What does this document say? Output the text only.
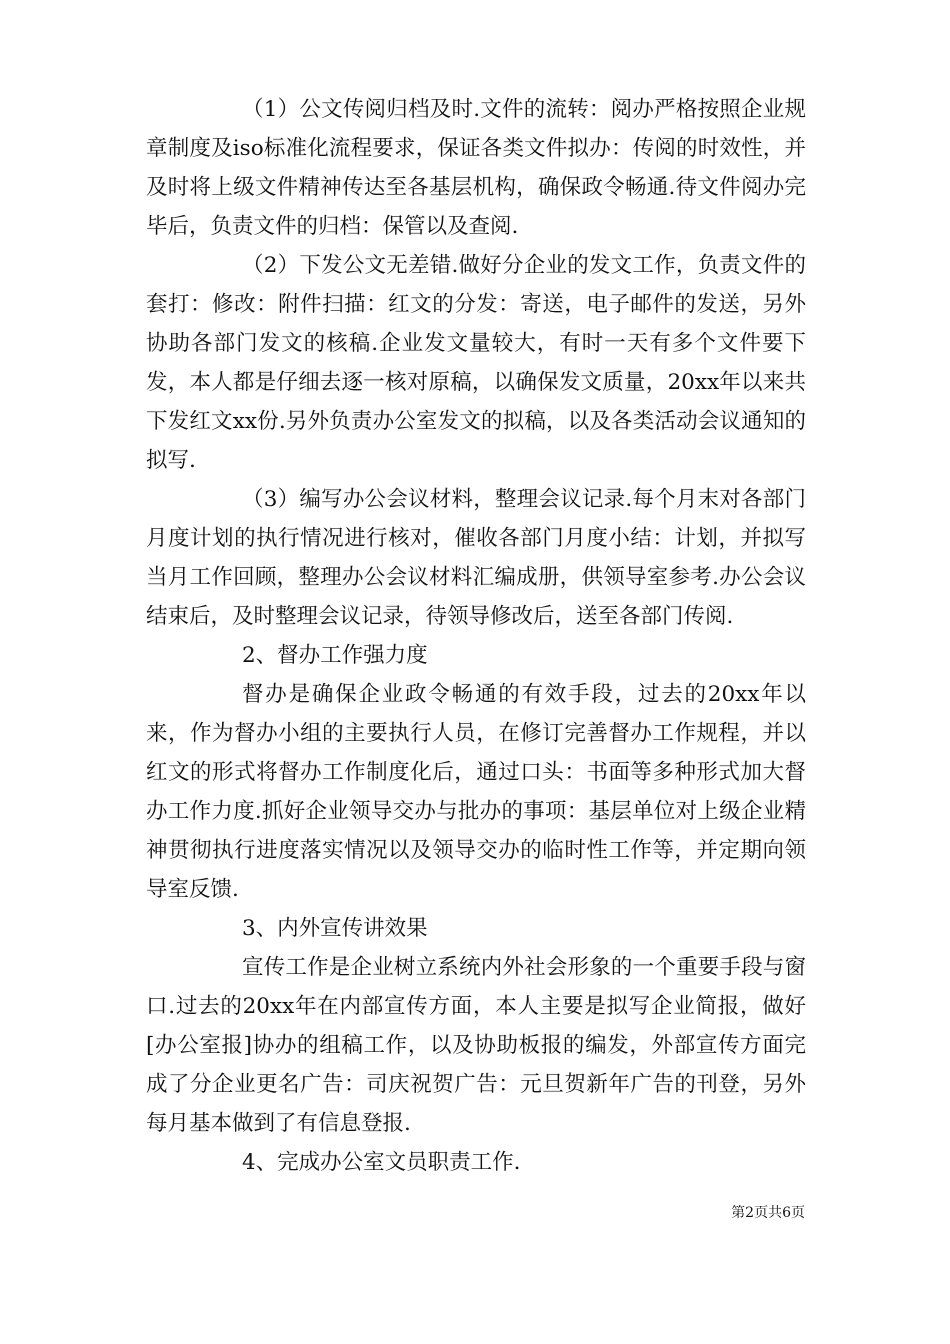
（1）公文传阅归档及时.文件的流转：阅办严格按照企业规章制度及iso标准化流程要求，保证各类文件拟办：传阅的时效性，并及时将上级文件精神传达至各基层机构，确保政令畅通.待文件阅办完毕后，负责文件的归档：保管以及查阅.

（2）下发公文无差错.做好分企业的发文工作，负责文件的套打：修改：附件扫描：红文的分发：寄送，电子邮件的发送，另外协助各部门发文的核稿.企业发文量较大，有时一天有多个文件要下发，本人都是仔细去逐一核对原稿，以确保发文质量，20xx年以来共下发红文xx份.另外负责办公室发文的拟稿，以及各类活动会议通知的拟写.

（3）编写办公会议材料，整理会议记录.每个月末对各部门月度计划的执行情况进行核对，催收各部门月度小结：计划，并拟写当月工作回顾，整理办公会议材料汇编成册，供领导室参考.办公会议结束后，及时整理会议记录，待领导修改后，送至各部门传阅.

2、督办工作强力度

督办是确保企业政令畅通的有效手段，过去的20xx年以来，作为督办小组的主要执行人员，在修订完善督办工作规程，并以红文的形式将督办工作制度化后，通过口头：书面等多种形式加大督办工作力度.抓好企业领导交办与批办的事项：基层单位对上级企业精神贯彻执行进度落实情况以及领导交办的临时性工作等，并定期向领导室反馈.

3、内外宣传讲效果

宣传工作是企业树立系统内外社会形象的一个重要手段与窗口.过去的20xx年在内部宣传方面，本人主要是拟写企业简报，做好[办公室报]协办的组稿工作，以及协助板报的编发，外部宣传方面完成了分企业更名广告：司庆祝贺广告：元旦贺新年广告的刊登，另外每月基本做到了有信息登报.

4、完成办公室文员职责工作.

第2页共6页
